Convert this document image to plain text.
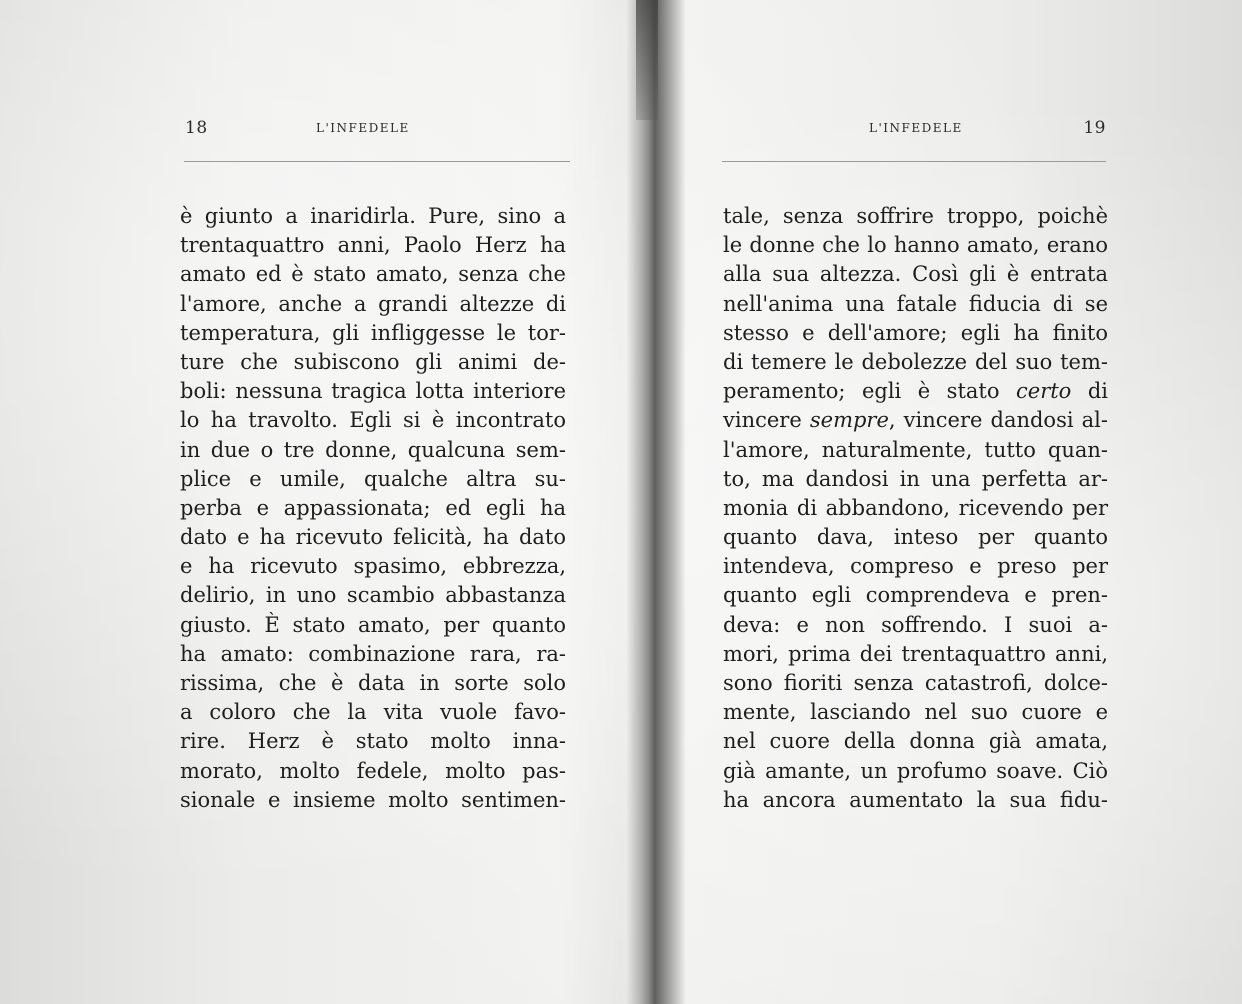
18	L'INFEDELE
è giunto a inaridirla. Pure, sino a
trentaquattro anni, Paolo Herz ha
amato ed è stato amato, senza che
l'amore, anche a grandi altezze di
temperatura, gli infliggesse le tor-
ture che subiscono gli animi de-
boli: nessuna tragica lotta interiore
lo ha travolto. Egli si è incontrato
in due o tre donne, qualcuna sem-
plice e umile, qualche altra su-
perba e appassionata; ed egli ha
dato e ha ricevuto felicità, ha dato
e ha ricevuto spasimo, ebbrezza,
delirio, in uno scambio abbastanza
giusto. È stato amato, per quanto
ha amato: combinazione rara, ra-
rissima, che è data in sorte solo
a coloro che la vita vuole favo-
rire. Herz è stato molto inna-
morato, molto fedele, molto pas-
sionale e insieme molto sentimen-
L'INFEDELE	19
tale, senza soffrire troppo, poichè
le donne che lo hanno amato, erano
alla sua altezza. Così gli è entrata
nell'anima una fatale fiducia di se
stesso e dell'amore; egli ha finito
di temere le debolezze del suo tem-
peramento; egli è stato certo di
vincere sempre, vincere dandosi al-
l'amore, naturalmente, tutto quan-
to, ma dandosi in una perfetta ar-
monia di abbandono, ricevendo per
quanto dava, inteso per quanto
intendeva, compreso e preso per
quanto egli comprendeva e pren-
deva: e non soffrendo. I suoi a-
mori, prima dei trentaquattro anni,
sono fioriti senza catastrofi, dolce-
mente, lasciando nel suo cuore e
nel cuore della donna già amata,
già amante, un profumo soave. Ciò
ha ancora aumentato la sua fidu-
